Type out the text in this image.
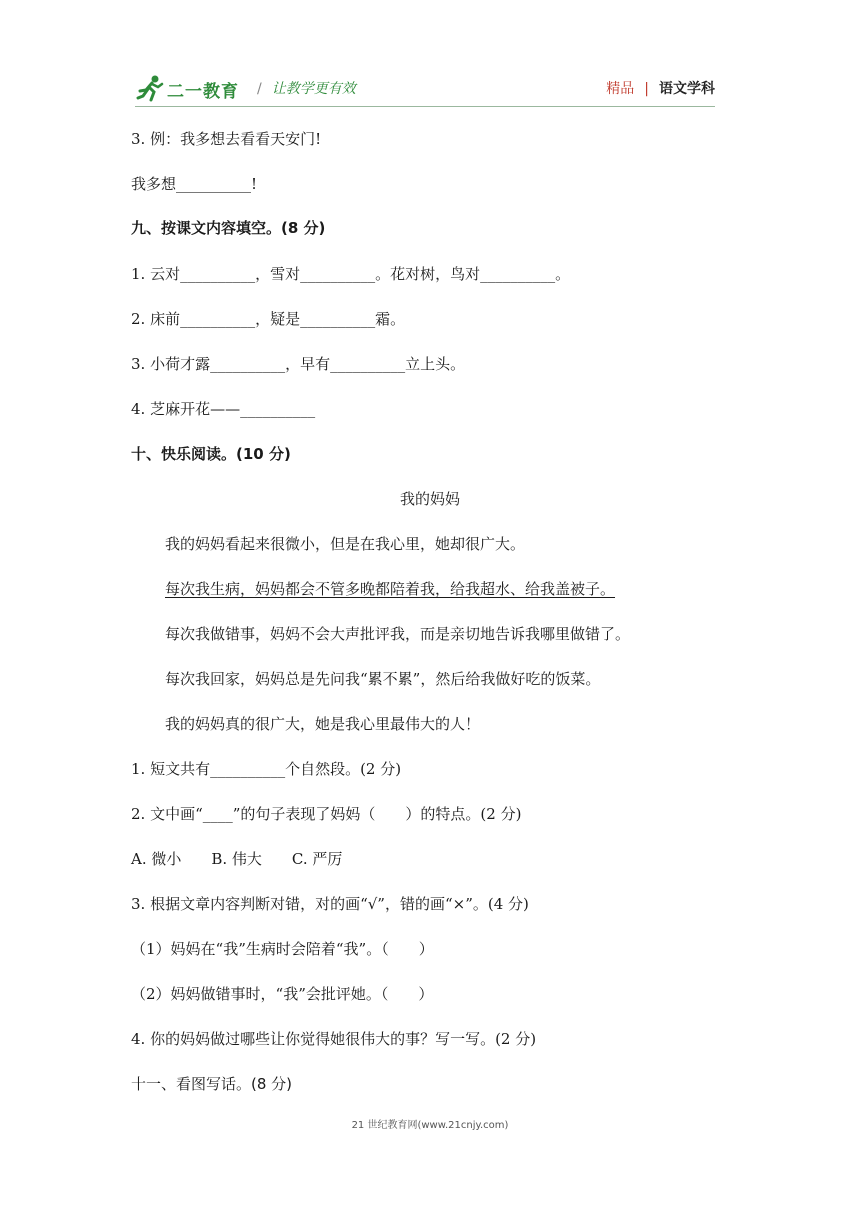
二一教育 / 让教学更有效	精品 | 语文学科
3. 例：我多想去看看天安门!
我多想__________!
九、按课文内容填空。(8 分)
1. 云对__________，雪对__________。花对树，鸟对__________。
2. 床前__________，疑是__________霜。
3. 小荷才露__________，早有__________立上头。
4. 芝麻开花——__________
十、快乐阅读。(10 分)
我的妈妈
我的妈妈看起来很微小，但是在我心里，她却很广大。
每次我生病，妈妈都会不管多晚都陪着我，给我超水、给我盖被子。
每次我做错事，妈妈不会大声批评我，而是亲切地告诉我哪里做错了。
每次我回家，妈妈总是先问我“累不累”，然后给我做好吃的饭菜。
我的妈妈真的很广大，她是我心里最伟大的人！
1. 短文共有__________个自然段。(2 分)
2. 文中画“____”的句子表现了妈妈（　　）的特点。(2 分)
A. 微小　　B. 伟大　　C. 严厉
3. 根据文章内容判断对错，对的画“√”，错的画“×”。(4 分)
（1）妈妈在“我”生病时会陪着“我”。（　　）
（2）妈妈做错事时，“我”会批评她。（　　）
4. 你的妈妈做过哪些让你觉得她很伟大的事？写一写。(2 分)
十一、看图写话。(8 分)
21 世纪教育网(www.21cnjy.com)
